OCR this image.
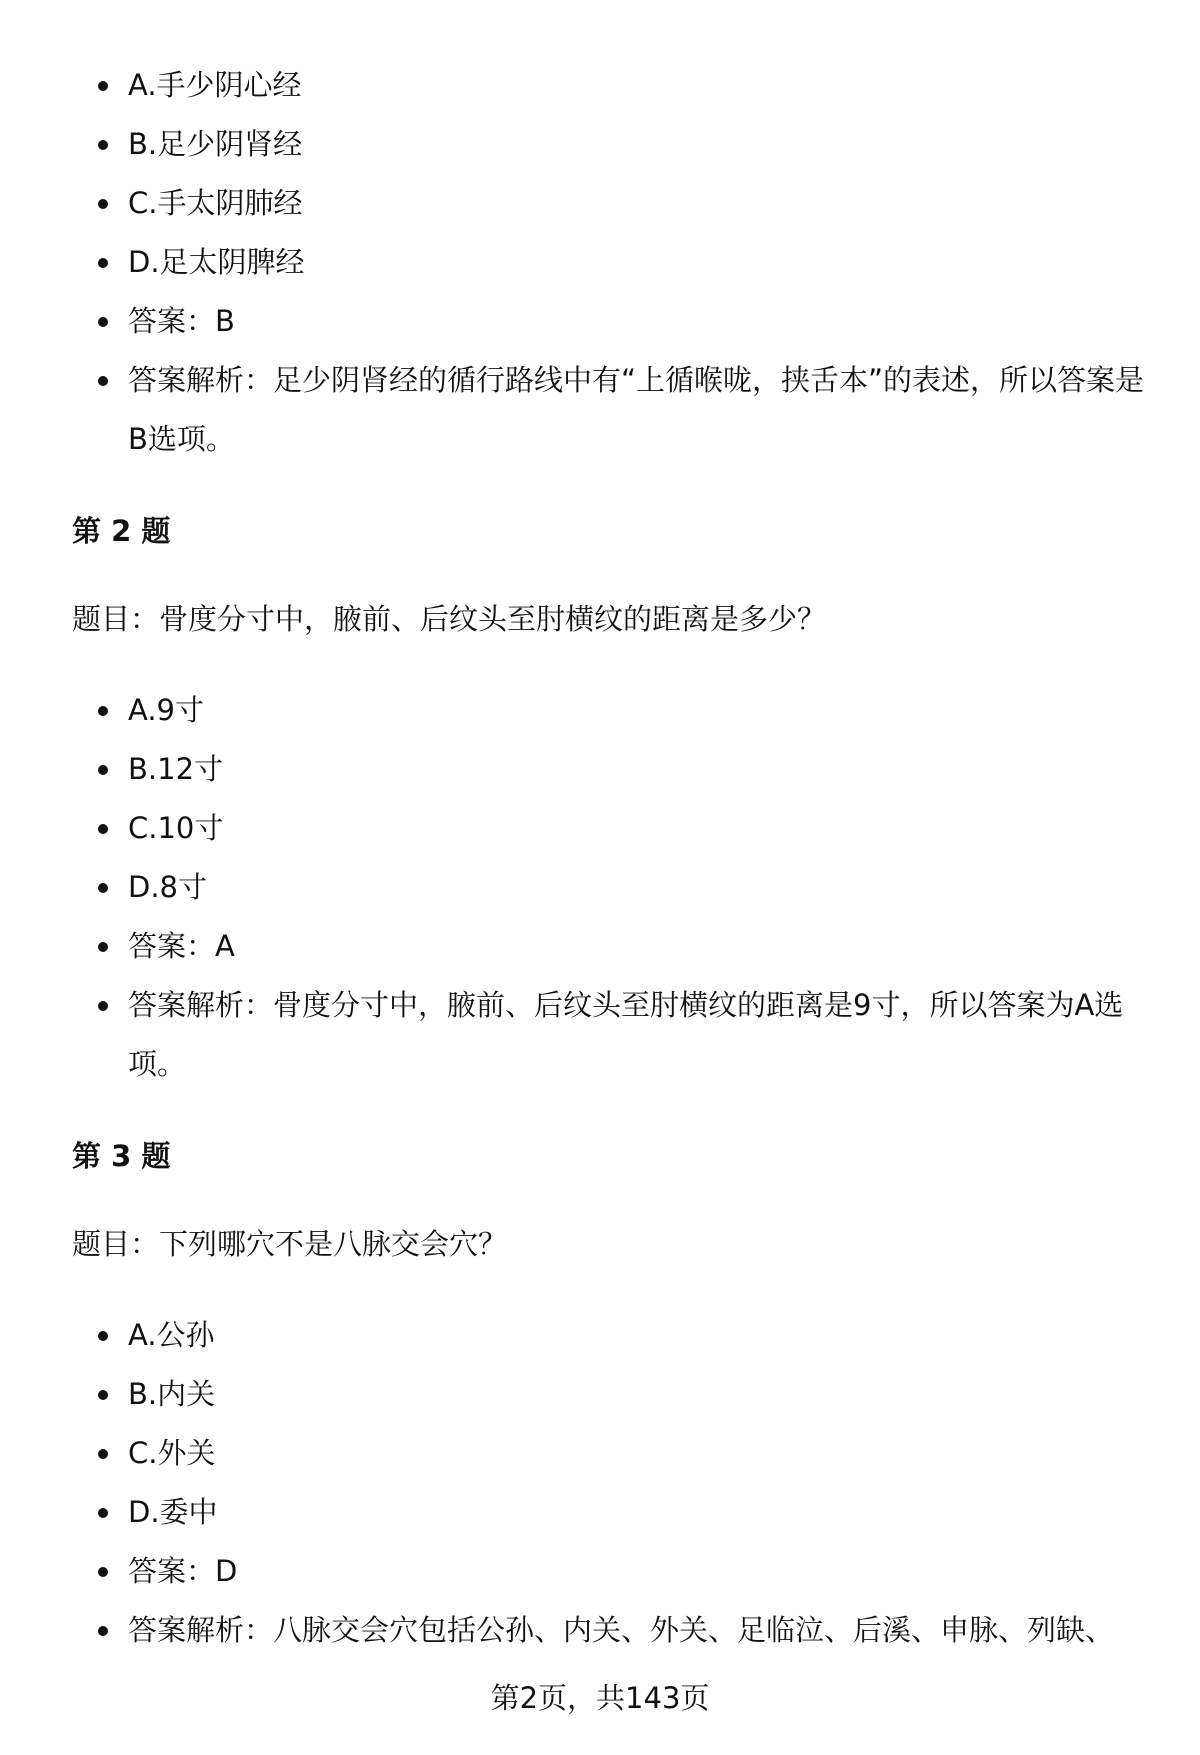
A.手少阴心经
B.足少阴肾经
C.手太阴肺经
D.足太阴脾经
答案：B
答案解析：足少阴肾经的循行路线中有“上循喉咙，挟舌本”的表述，所以答案是B选项。

第 2 题

题目：骨度分寸中，腋前、后纹头至肘横纹的距离是多少？

A.9寸
B.12寸
C.10寸
D.8寸
答案：A
答案解析：骨度分寸中，腋前、后纹头至肘横纹的距离是9寸，所以答案为A选项。

第 3 题

题目：下列哪穴不是八脉交会穴？

A.公孙
B.内关
C.外关
D.委中
答案：D
答案解析：八脉交会穴包括公孙、内关、外关、足临泣、后溪、申脉、列缺、
第2页，共143页
